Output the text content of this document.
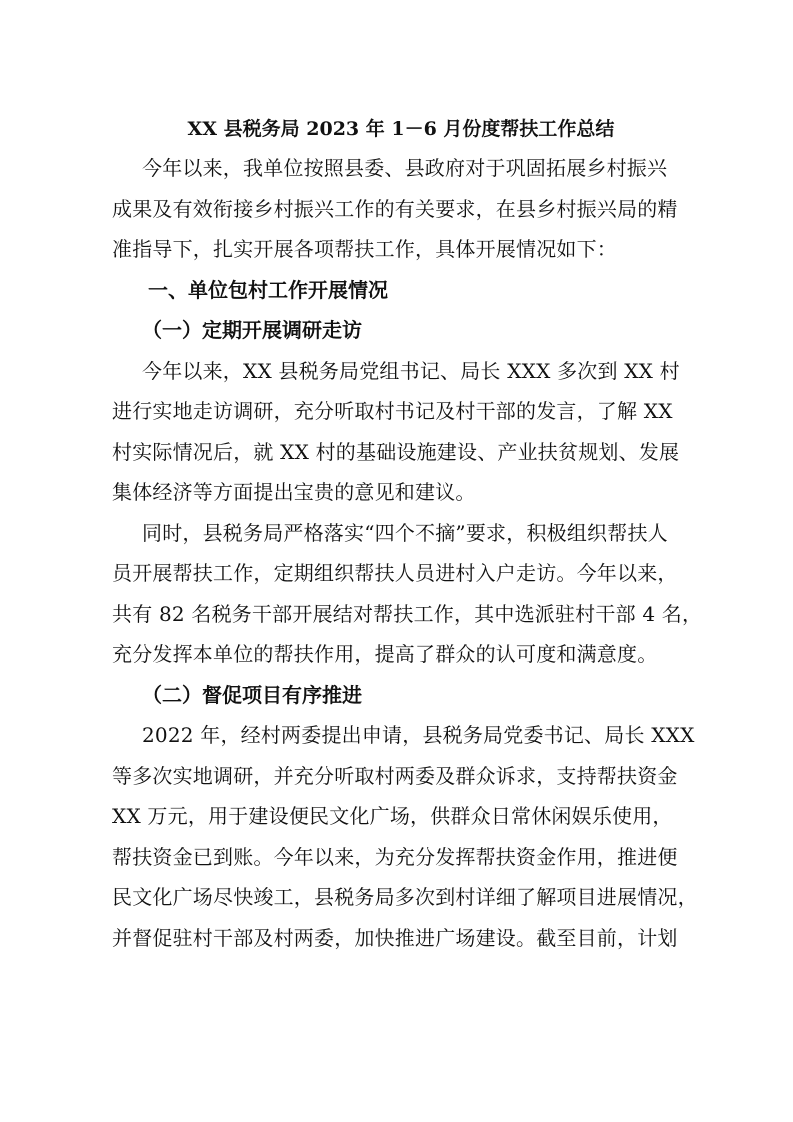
XX 县税务局 2023 年 1－6 月份度帮扶工作总结
今年以来，我单位按照县委、县政府对于巩固拓展乡村振兴
成果及有效衔接乡村振兴工作的有关要求，在县乡村振兴局的精
准指导下，扎实开展各项帮扶工作，具体开展情况如下：
一、单位包村工作开展情况
（一）定期开展调研走访
今年以来，XX 县税务局党组书记、局长 XXX 多次到 XX 村
进行实地走访调研，充分听取村书记及村干部的发言，了解 XX
村实际情况后，就 XX 村的基础设施建设、产业扶贫规划、发展
集体经济等方面提出宝贵的意见和建议。
同时，县税务局严格落实“四个不摘”要求，积极组织帮扶人
员开展帮扶工作，定期组织帮扶人员进村入户走访。今年以来，
共有 82 名税务干部开展结对帮扶工作，其中选派驻村干部 4 名，
充分发挥本单位的帮扶作用，提高了群众的认可度和满意度。
（二）督促项目有序推进
2022 年，经村两委提出申请，县税务局党委书记、局长 XXX
等多次实地调研，并充分听取村两委及群众诉求，支持帮扶资金
XX 万元，用于建设便民文化广场，供群众日常休闲娱乐使用，
帮扶资金已到账。今年以来，为充分发挥帮扶资金作用，推进便
民文化广场尽快竣工，县税务局多次到村详细了解项目进展情况，
并督促驻村干部及村两委，加快推进广场建设。截至目前，计划
